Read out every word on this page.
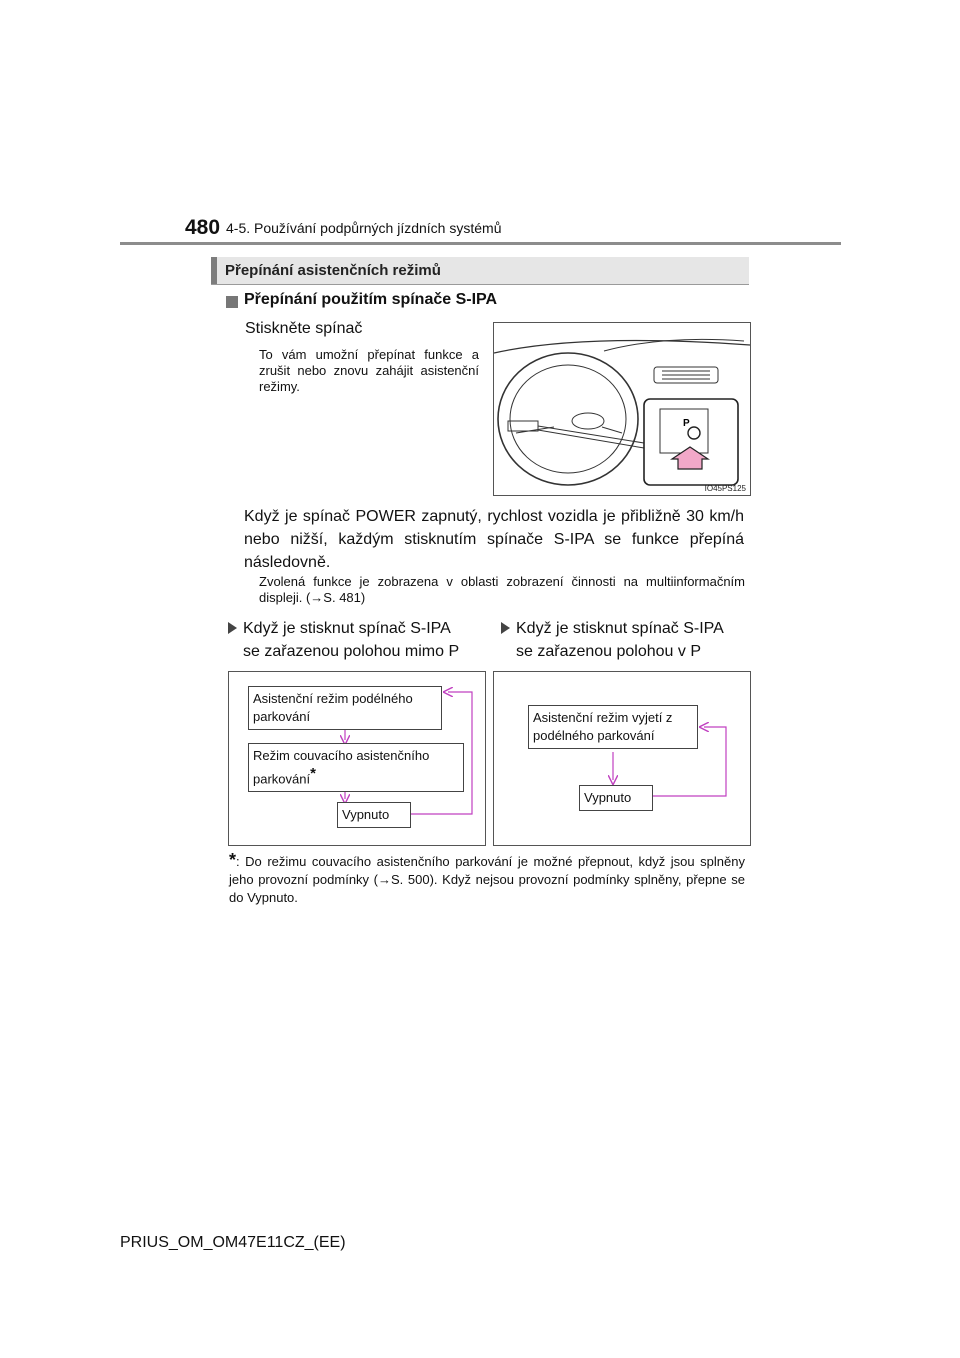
480 4-5. Používání podpůrných jízdních systémů
Přepínání asistenčních režimů
Přepínání použitím spínače S-IPA
Stiskněte spínač
To vám umožní přepínat funkce a zrušit nebo znovu zahájit asistenční režimy.
P
IO45PS125
Když je spínač POWER zapnutý, rychlost vozidla je přibližně 30 km/h nebo nižší, každým stisknutím spínače S-IPA se funkce přepíná následovně.
Zvolená funkce je zobrazena v oblasti zobrazení činnosti na multiinformačním displeji. (→S. 481)
Když je stisknut spínač S-IPA
se zařazenou polohou mimo P
Když je stisknut spínač S-IPA
se zařazenou polohou v P
Asistenční režim podélného parkování
Režim couvacího asistenčního parkování*
Vypnuto
Asistenční režim vyjetí z podélného parkování
Vypnuto
*: Do režimu couvacího asistenčního parkování je možné přepnout, když jsou splněny jeho provozní podmínky (→S. 500). Když nejsou provozní podmínky splněny, přepne se do Vypnuto.
PRIUS_OM_OM47E11CZ_(EE)
